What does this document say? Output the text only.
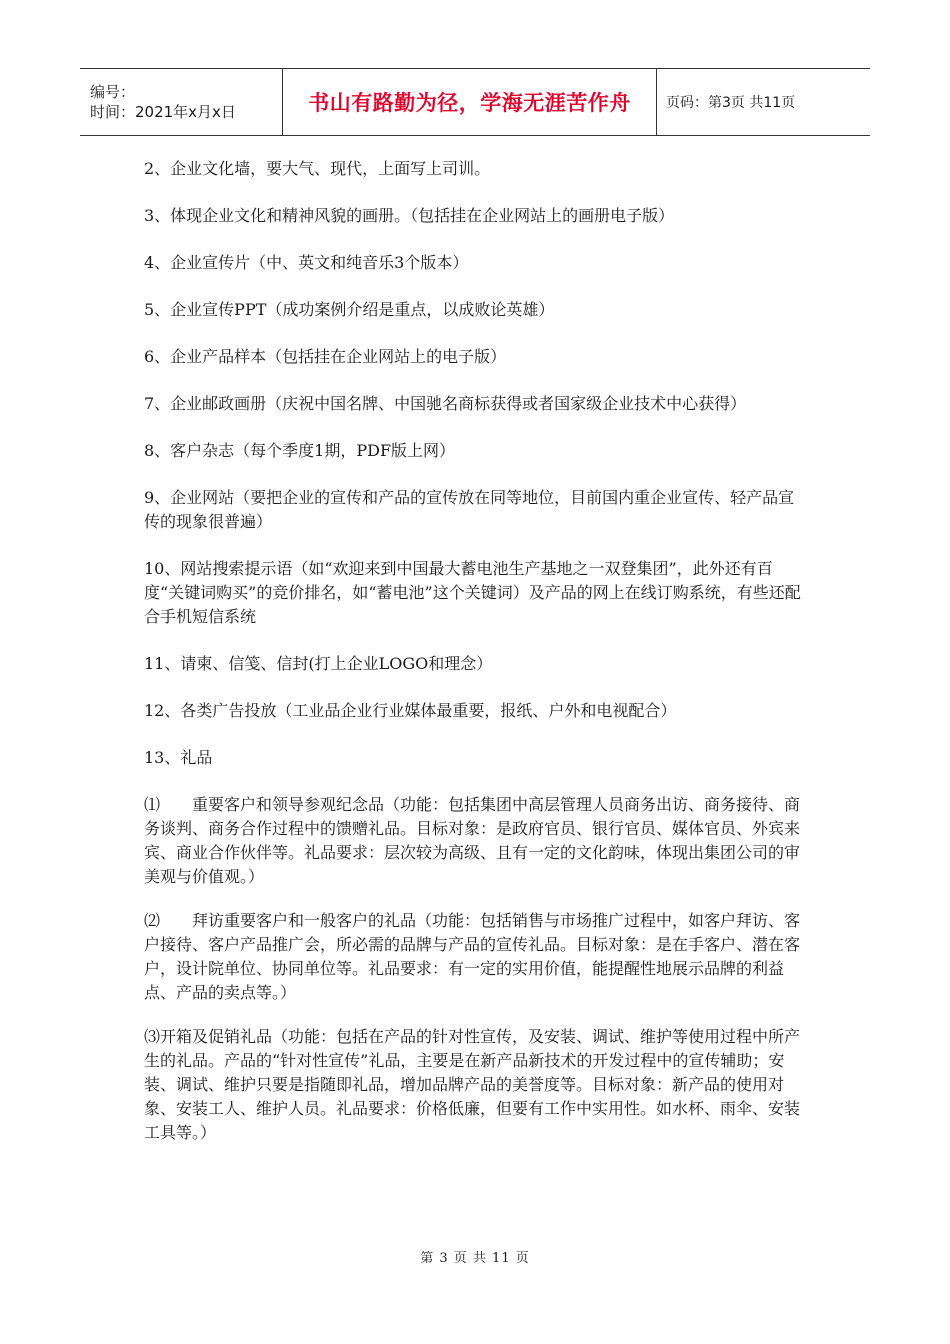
编号：
时间：2021年x月x日	书山有路勤为径，学海无涯苦作舟	页码：第3页 共11页

2、企业文化墙，要大气、现代，上面写上司训。

3、体现企业文化和精神风貌的画册。（包括挂在企业网站上的画册电子版）

4、企业宣传片（中、英文和纯音乐3个版本）

5、企业宣传PPT（成功案例介绍是重点，以成败论英雄）

6、企业产品样本（包括挂在企业网站上的电子版）

7、企业邮政画册（庆祝中国名牌、中国驰名商标获得或者国家级企业技术中心获得）

8、客户杂志（每个季度1期，PDF版上网）

9、企业网站（要把企业的宣传和产品的宣传放在同等地位，目前国内重企业宣传、轻产品宣传的现象很普遍）

10、网站搜索提示语（如“欢迎来到中国最大蓄电池生产基地之一双登集团”，此外还有百度“关键词购买”的竞价排名，如“蓄电池”这个关键词）及产品的网上在线订购系统，有些还配合手机短信系统

11、请柬、信笺、信封(打上企业LOGO和理念）

12、各类广告投放（工业品企业行业媒体最重要，报纸、户外和电视配合）

13、礼品

⑴　　重要客户和领导参观纪念品（功能：包括集团中高层管理人员商务出访、商务接待、商务谈判、商务合作过程中的馈赠礼品。目标对象：是政府官员、银行官员、媒体官员、外宾来宾、商业合作伙伴等。礼品要求：层次较为高级、且有一定的文化韵味，体现出集团公司的审美观与价值观。）

⑵　　拜访重要客户和一般客户的礼品（功能：包括销售与市场推广过程中，如客户拜访、客户接待、客户产品推广会，所必需的品牌与产品的宣传礼品。目标对象：是在手客户、潜在客户，设计院单位、协同单位等。礼品要求：有一定的实用价值，能提醒性地展示品牌的利益点、产品的卖点等。）

⑶开箱及促销礼品（功能：包括在产品的针对性宣传，及安装、调试、维护等使用过程中所产生的礼品。产品的“针对性宣传”礼品，主要是在新产品新技术的开发过程中的宣传辅助；安装、调试、维护只要是指随即礼品，增加品牌产品的美誉度等。目标对象：新产品的使用对象、安装工人、维护人员。礼品要求：价格低廉，但要有工作中实用性。如水杯、雨伞、安装工具等。）

第 3 页 共 11 页
